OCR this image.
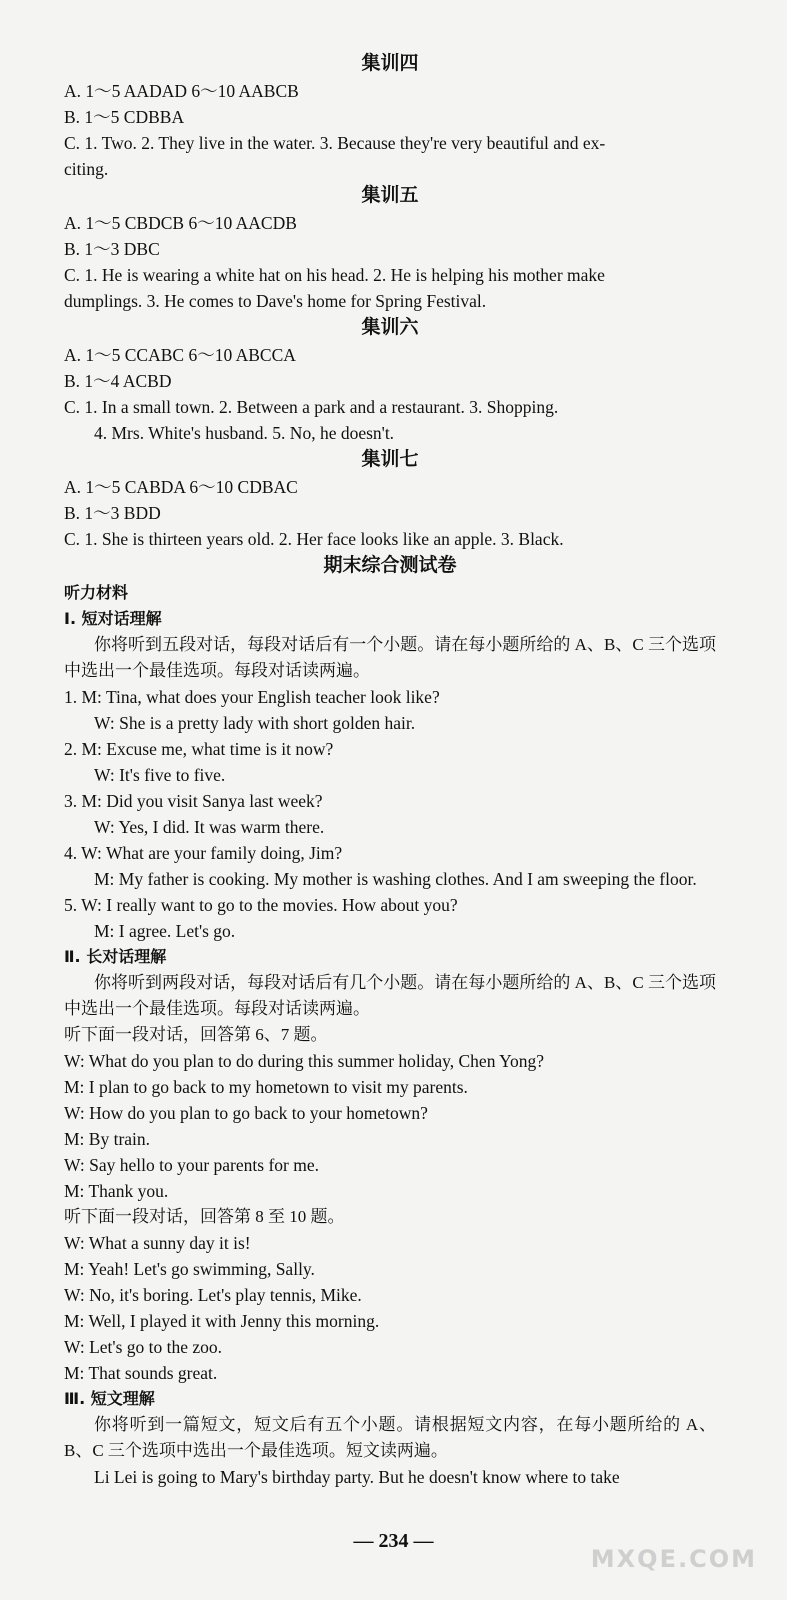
集训四

A. 1～5 AADAD 6～10 AABCB

B. 1～5 CDBBA

C. 1. Two. 2. They live in the water. 3. Because they're very beautiful and ex-

citing.

集训五

A. 1～5 CBDCB 6～10 AACDB

B. 1～3 DBC

C. 1. He is wearing a white hat on his head. 2. He is helping his mother make

dumplings. 3. He comes to Dave's home for Spring Festival.

集训六

A. 1～5 CCABC 6～10 ABCCA

B. 1～4 ACBD

C. 1. In a small town. 2. Between a park and a restaurant. 3. Shopping.

4. Mrs. White's husband. 5. No, he doesn't.

集训七

A. 1～5 CABDA 6～10 CDBAC

B. 1～3 BDD

C. 1. She is thirteen years old. 2. Her face looks like an apple. 3. Black.

期末综合测试卷

听力材料

Ⅰ. 短对话理解

你将听到五段对话，每段对话后有一个小题。请在每小题所给的 A、B、C 三个选项中选出一个最佳选项。每段对话读两遍。

1. M: Tina, what does your English teacher look like?

W: She is a pretty lady with short golden hair.

2. M: Excuse me, what time is it now?

W: It's five to five.

3. M: Did you visit Sanya last week?

W: Yes, I did. It was warm there.

4. W: What are your family doing, Jim?

M: My father is cooking. My mother is washing clothes. And I am sweeping the floor.

5. W: I really want to go to the movies. How about you?

M: I agree. Let's go.

Ⅱ. 长对话理解

你将听到两段对话，每段对话后有几个小题。请在每小题所给的 A、B、C 三个选项中选出一个最佳选项。每段对话读两遍。

听下面一段对话，回答第 6、7 题。

W: What do you plan to do during this summer holiday, Chen Yong?

M: I plan to go back to my hometown to visit my parents.

W: How do you plan to go back to your hometown?

M: By train.

W: Say hello to your parents for me.

M: Thank you.

听下面一段对话，回答第 8 至 10 题。

W: What a sunny day it is!

M: Yeah! Let's go swimming, Sally.

W: No, it's boring. Let's play tennis, Mike.

M: Well, I played it with Jenny this morning.

W: Let's go to the zoo.

M: That sounds great.

Ⅲ. 短文理解

你将听到一篇短文，短文后有五个小题。请根据短文内容，在每小题所给的 A、B、C 三个选项中选出一个最佳选项。短文读两遍。

Li Lei is going to Mary's birthday party. But he doesn't know where to take

— 234 —
MXQE.COM
